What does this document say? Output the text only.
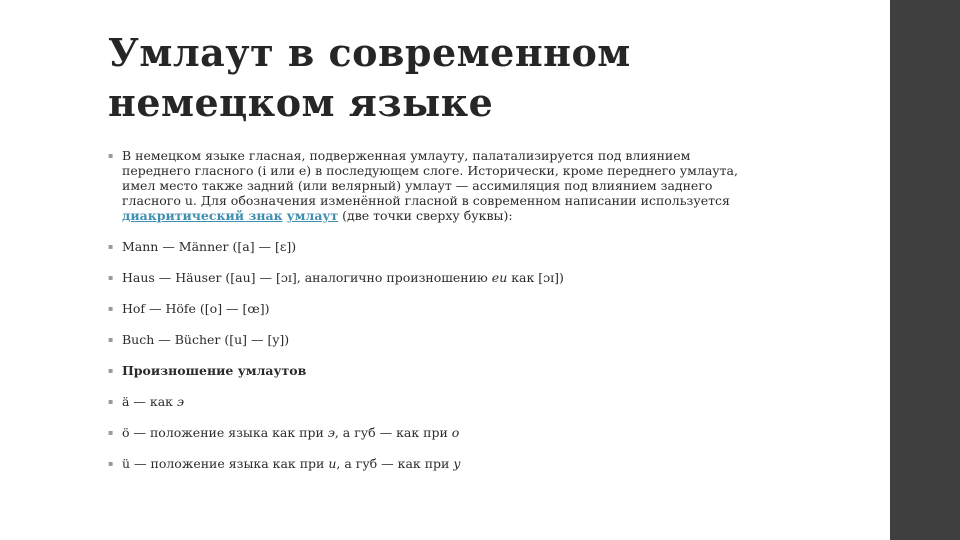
Умлаут в современном
немецком языке
▪ В немецком языке гласная, подверженная умлауту, палатализируется под влиянием переднего гласного (i или e) в последующем слоге. Исторически, кроме переднего умлаута, имел место также задний (или велярный) умлаут — ассимиляция под влиянием заднего гласного u. Для обозначения изменённой гласной в современном написании используется диакритический знак умлаут (две точки сверху буквы):
▪ Mann — Männer ([a] — [ɛ])
▪ Haus — Häuser ([au] — [ɔɪ], аналогично произношению eu как [ɔɪ])
▪ Hof — Höfe ([o] — [œ])
▪ Buch — Bücher ([u] — [y])
▪ Произношение умлаутов
▪ ä — как э
▪ ö — положение языка как при э, а губ — как при о
▪ ü — положение языка как при и, а губ — как при у
